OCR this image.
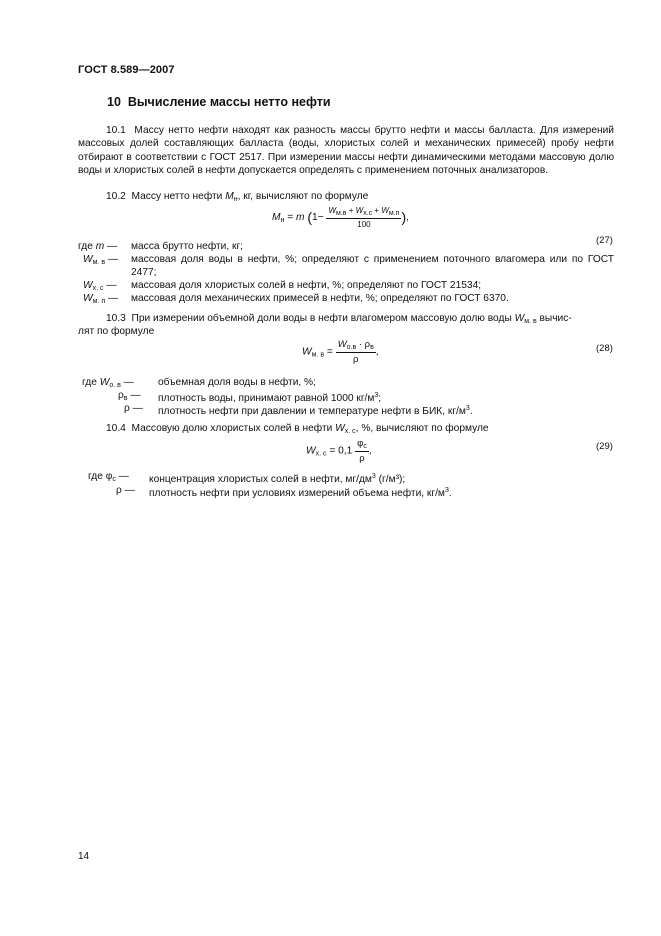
ГОСТ 8.589—2007
10 Вычисление массы нетто нефти

10.1 Массу нетто нефти находят как разность массы брутто нефти и массы балласта. Для измерений массовых долей составляющих балласта (воды, хлористых солей и механических примесей) пробу нефти отбирают в соответствии с ГОСТ 2517. При измерении массы нефти динамическими методами массовую долю воды и хлористых солей в нефти допускается определять с применением поточных анализаторов.

10.2 Массу нетто нефти $M_н$, кг, вычисляют по формуле
$M_н = m$ ($1- \frac{W_{м.в} + W_{х.с} + W_{м.п}}{100}$ ),
(27)
где m — масса брутто нефти, кг;
$W_{м. в}$ — массовая доля воды в нефти, %; определяют с применением поточного влагомера или по ГОСТ 2477;
$W_{х. с}$ — массовая доля хлористых солей в нефти, %; определяют по ГОСТ 21534;
$W_{м. п}$ — массовая доля механических примесей в нефти, %; определяют по ГОСТ 6370.
10.3 При измерении объемной доли воды в нефти влагомером массовую долю воды $W_{м. в}$ вычис-
лят по формуле
$W_{м. в} = \frac{W_{о.в} \cdot \rho_в}{\rho}$ ,	(28)
где $W_{о. в}$ — объемная доля воды в нефти, %;
$\rho_в$ — плотность воды, принимают равной 1000 $кг/м^3$;
ρ — плотность нефти при давлении и температуре нефти в БИК, $кг/м^3$.
10.4 Массовую долю хлористых солей в нефти $W_{х. с}$, %, вычисляют по формуле
$W_{х. с} = 0,1 \frac{\varphi_с}{\rho}$ ,	(29)
где $\varphi_с$ — концентрация хлористых солей в нефти, $мг/дм^3$ (г/м³);
ρ — плотность нефти при условиях измерений объема нефти, $кг/м^3$.
14
